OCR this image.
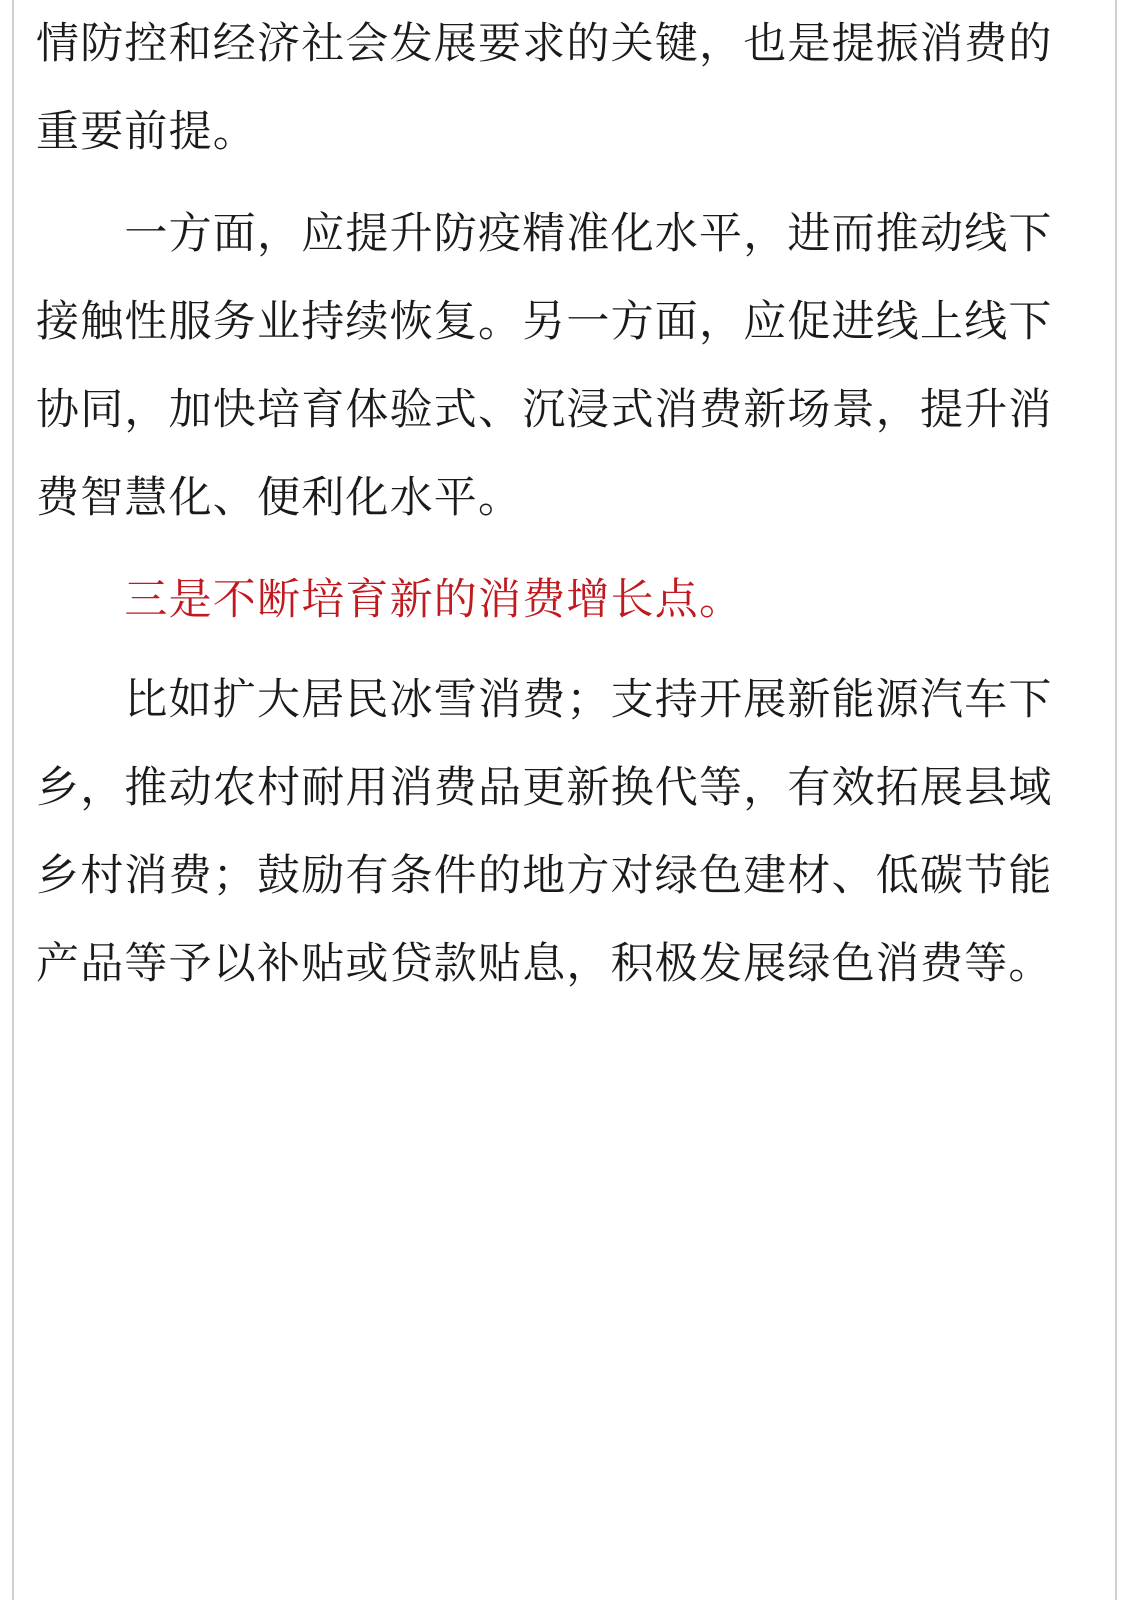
情防控和经济社会发展要求的关键，也是提振消费的
重要前提。
　　一方面，应提升防疫精准化水平，进而推动线下
接触性服务业持续恢复。另一方面，应促进线上线下
协同，加快培育体验式、沉浸式消费新场景，提升消
费智慧化、便利化水平。
　　三是不断培育新的消费增长点。
　　比如扩大居民冰雪消费；支持开展新能源汽车下
乡，推动农村耐用消费品更新换代等，有效拓展县域
乡村消费；鼓励有条件的地方对绿色建材、低碳节能
产品等予以补贴或贷款贴息，积极发展绿色消费等。
